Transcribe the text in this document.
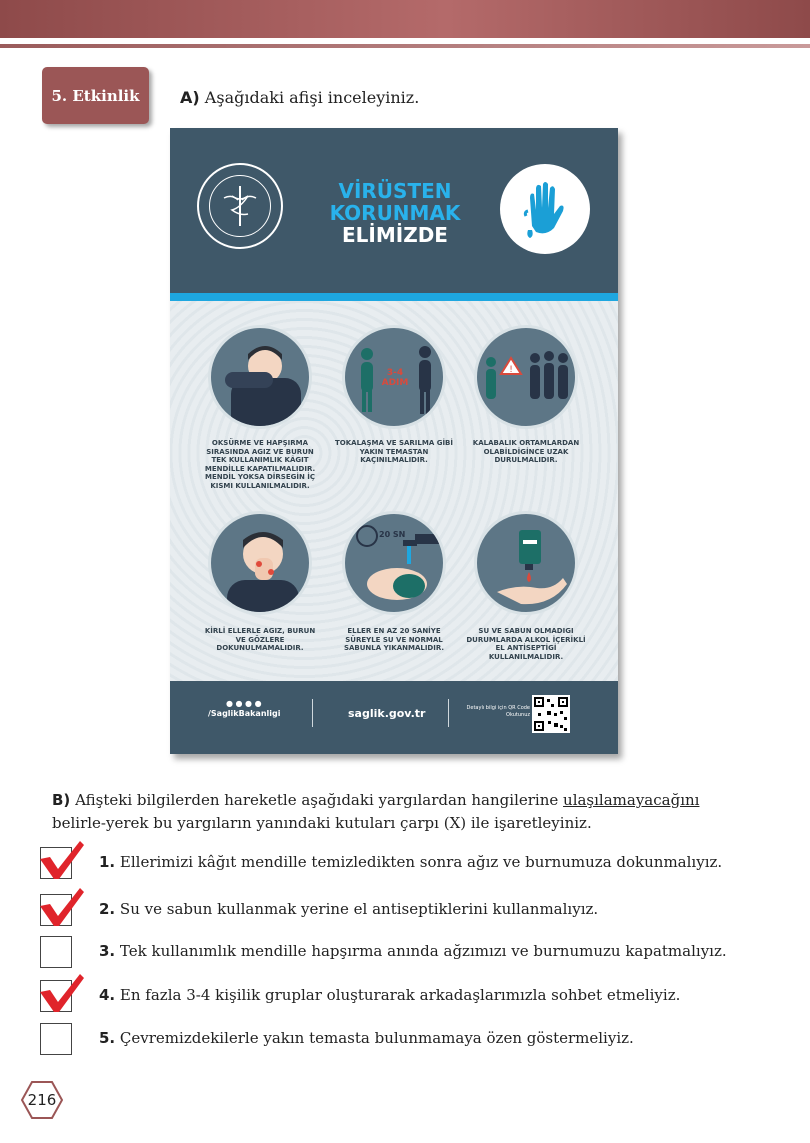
5. Etkinlik	A) Aşağıdaki afişi inceleyiniz.
VİRÜSTEN
KORUNMAK
ELİMİZDE
3-4
ADIM
!
OKSÜRME VE HAPŞIRMA SIRASINDA AGIZ VE BURUN TEK KULLANIMLIK KÂGIT MENDİLLE KAPATILMALIDIR. MENDİL YOKSA DİRSEGİN İÇ KISMI KULLANILMALIDIR.
TOKALAŞMA VE SARILMA GİBİ YAKIN TEMASTAN KAÇINILMALIDIR.
KALABALIK ORTAMLARDAN OLABİLDİGİNCE UZAK DURULMALIDIR.
20 SN
KİRLİ ELLERLE AGIZ, BURUN VE GÖZLERE DOKUNULMAMALIDIR.
ELLER EN AZ 20 SANİYE SÜREYLE SU VE NORMAL SABUNLA YIKANMALIDIR.
SU VE SABUN OLMADIGI DURUMLARDA ALKOL İÇERİKLİ EL ANTİSEPTİGİ KULLANILMALIDIR.
● ● ● ●
/SaglikBakanligi	saglik.gov.tr	Detaylı bilgi için QR Code Okutunuz
B) Afişteki bilgilerden hareketle aşağıdaki yargılardan hangilerine ulaşılamayacağını belirle-yerek bu yargıların yanındaki kutuları çarpı (X) ile işaretleyiniz.
1. Ellerimizi kâğıt mendille temizledikten sonra ağız ve burnumuza dokunmalıyız.
2. Su ve sabun kullanmak yerine el antiseptiklerini kullanmalıyız.
3. Tek kullanımlık mendille hapşırma anında ağzımızı ve burnumuzu kapatmalıyız.
4. En fazla 3-4 kişilik gruplar oluşturarak arkadaşlarımızla sohbet etmeliyiz.
5. Çevremizdekilerle yakın temasta bulunmamaya özen göstermeliyiz.
216
